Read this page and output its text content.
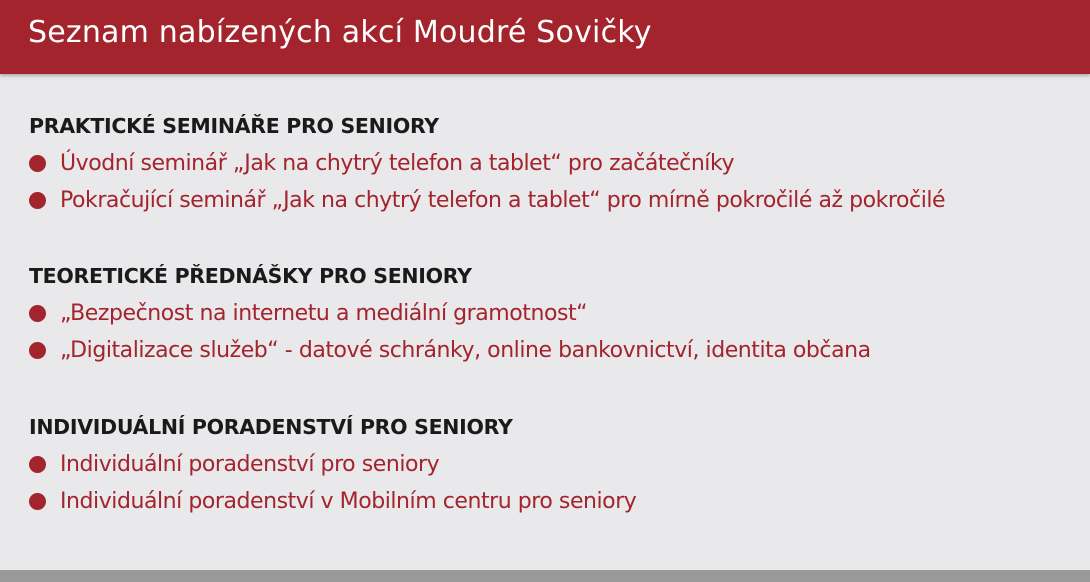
Seznam nabízených akcí Moudré Sovičky
PRAKTICKÉ SEMINÁŘE PRO SENIORY
Úvodní seminář „Jak na chytrý telefon a tablet“ pro začátečníky
Pokračující seminář „Jak na chytrý telefon a tablet“ pro mírně pokročilé až pokročilé
TEORETICKÉ PŘEDNÁŠKY PRO SENIORY
„Bezpečnost na internetu a mediální gramotnost“
„Digitalizace služeb“ - datové schránky, online bankovnictví, identita občana
INDIVIDUÁLNÍ PORADENSTVÍ PRO SENIORY
Individuální poradenství pro seniory
Individuální poradenství v Mobilním centru pro seniory
